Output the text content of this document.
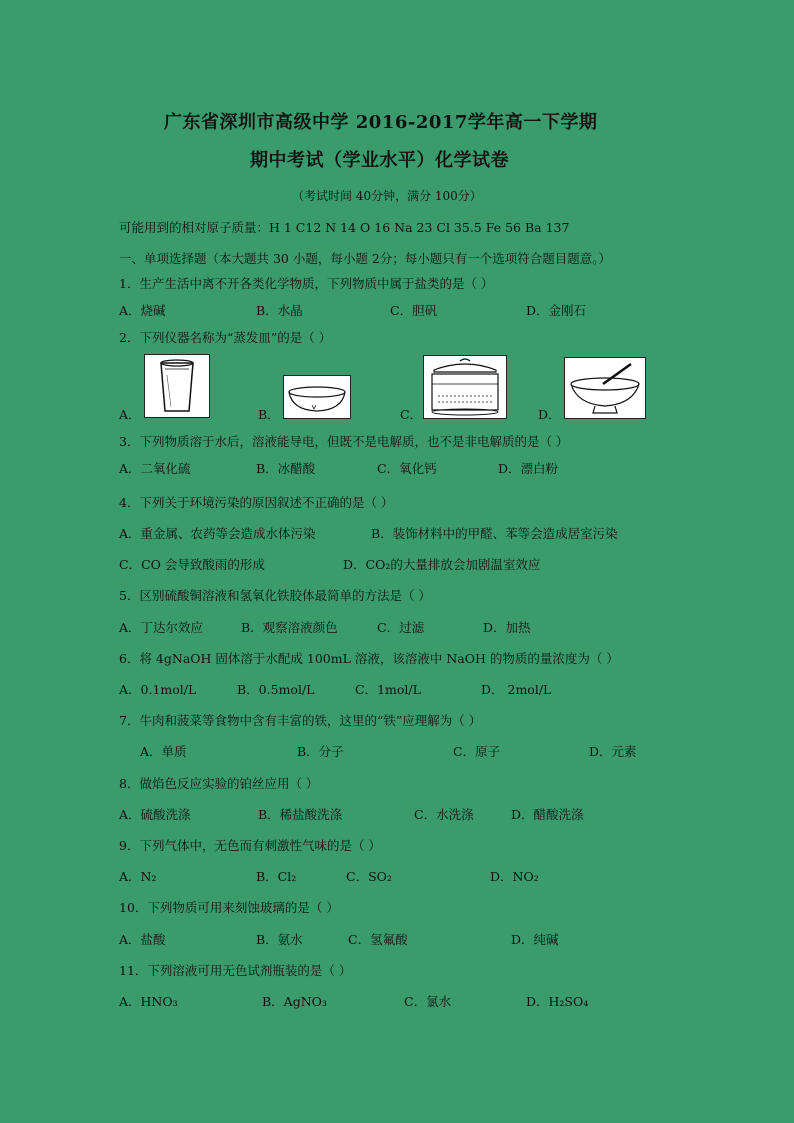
广东省深圳市高级中学 2016-2017学年高一下学期
期中考试（学业水平）化学试卷
（考试时间 40分钟，满分 100分）
可能用到的相对原子质量：H 1 C12 N 14 O 16 Na 23 Cl 35.5 Fe 56 Ba 137
一、单项选择题（本大题共 30 小题，每小题 2分；每小题只有一个选项符合题目题意。）
1．生产生活中离不开各类化学物质，下列物质中属于盐类的是（ ）
A．烧碱	B．水晶	C．胆矾	D．金刚石
2．下列仪器名称为“蒸发皿”的是（ ）
A．	B．	C．	D．
3．下列物质溶于水后，溶液能导电，但既不是电解质，也不是非电解质的是（ ）
A．二氧化硫	B．冰醋酸	C．氧化钙	D．漂白粉
4．下列关于环境污染的原因叙述不正确的是（ ）
A．重金属、农药等会造成水体污染	B．装饰材料中的甲醛、苯等会造成居室污染
C．CO 会导致酸雨的形成	D．CO₂的大量排放会加剧温室效应
5．区别硫酸铜溶液和氢氧化铁胶体最简单的方法是（ ）
A．丁达尔效应	B．观察溶液颜色	C．过滤	D．加热
6．将 4gNaOH 固体溶于水配成 100mL 溶液，该溶液中 NaOH 的物质的量浓度为（ ）
A．0.1mol/L	B．0.5mol/L	C．1mol/L	D． 2mol/L
7．牛肉和菠菜等食物中含有丰富的铁，这里的“铁”应理解为（ ）
A．单质	B．分子	C．原子	D．元素
8．做焰色反应实验的铂丝应用（ ）
A．硫酸洗涤	B．稀盐酸洗涤	C．水洗涤	D．醋酸洗涤
9．下列气体中，无色而有刺激性气味的是（ ）
A．N₂	B．Cl₂	C．SO₂	D．NO₂
10．下列物质可用来刻蚀玻璃的是（ ）
A．盐酸	B．氨水	C．氢氟酸	D．纯碱
11．下列溶液可用无色试剂瓶装的是（ ）
A．HNO₃	B．AgNO₃	C．氯水	D．H₂SO₄
